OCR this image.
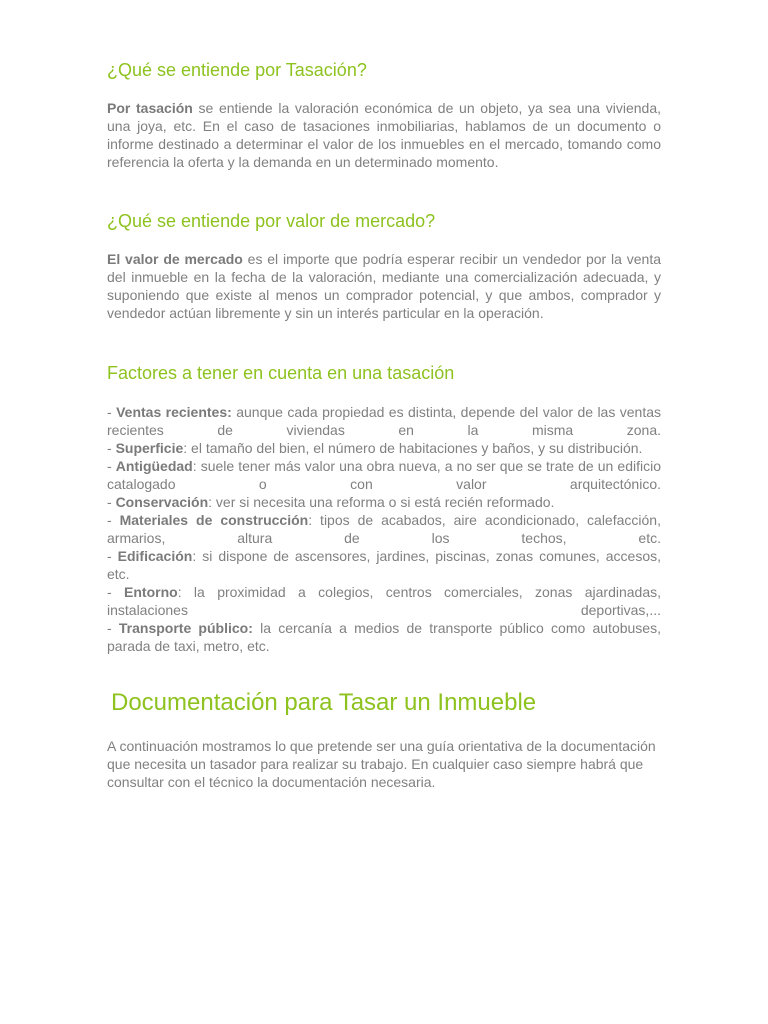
¿Qué se entiende por Tasación?

Por tasación se entiende la valoración económica de un objeto, ya sea una vivienda, una joya, etc. En el caso de tasaciones inmobiliarias, hablamos de un documento o informe destinado a determinar el valor de los inmuebles en el mercado, tomando como referencia la oferta y la demanda en un determinado momento.

¿Qué se entiende por valor de mercado?

El valor de mercado es el importe que podría esperar recibir un vendedor por la venta del inmueble en la fecha de la valoración, mediante una comercialización adecuada, y suponiendo que existe al menos un comprador potencial, y que ambos, comprador y vendedor actúan libremente y sin un interés particular en la operación.

Factores a tener en cuenta en una tasación

- Ventas recientes: aunque cada propiedad es distinta, depende del valor de las ventas recientes de viviendas en la misma zona.

- Superficie: el tamaño del bien, el número de habitaciones y baños, y su distribución.

- Antigüedad: suele tener más valor una obra nueva, a no ser que se trate de un edificio catalogado o con valor arquitectónico.

- Conservación: ver si necesita una reforma o si está recién reformado.

- Materiales de construcción: tipos de acabados, aire acondicionado, calefacción, armarios, altura de los techos, etc.

- Edificación: si dispone de ascensores, jardines, piscinas, zonas comunes, accesos, etc.

- Entorno: la proximidad a colegios, centros comerciales, zonas ajardinadas, instalaciones deportivas,...

- Transporte público: la cercanía a medios de transporte público como autobuses, parada de taxi, metro, etc.

Documentación para Tasar un Inmueble

A continuación mostramos lo que pretende ser una guía orientativa de la documentación que necesita un tasador para realizar su trabajo. En cualquier caso siempre habrá que consultar con el técnico la documentación necesaria.
